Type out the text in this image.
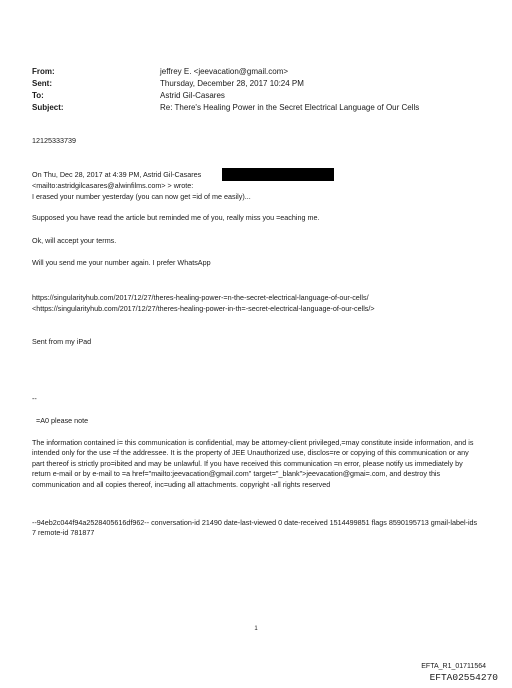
From:	jeffrey E. <jeevacation@gmail.com>
Sent:	Thursday, December 28, 2017 10:24 PM
To:	Astrid Gil-Casares
Subject:	Re: There's Healing Power in the Secret Electrical Language of Our Cells
12125333739
On Thu, Dec 28, 2017 at 4:39 PM, Astrid Gil-Casares
<mailto:astridgilcasares@alwinfilms.com> > wrote:
I erased your number yesterday (you can now get =id of me easily)...
Supposed you have read the article but reminded me of you, really miss you =eaching me.
Ok, will accept your terms.
Will you send me your number again. I prefer WhatsApp
https://singularityhub.com/2017/12/27/theres-healing-power-=n-the-secret-electrical-language-of-our-cells/
<https://singularityhub.com/2017/12/27/theres-healing-power-in-th=-secret-electrical-language-of-our-cells/>
Sent from my iPad
--
=A0 please note
The information contained i= this communication is confidential, may be attorney-client privileged,=may constitute inside information, and is intended only for the use =f the addressee. It is the property of JEE Unauthorized use, disclos=re or copying of this communication or any part thereof is strictly pro=ibited and may be unlawful. If you have received this communication =n error, please notify us immediately by return e-mail or by e-mail to =a href="mailto:jeevacation@gmail.com" target="_blank">jeevacation@gmai=.com, and destroy this communication and all copies thereof, inc=uding all attachments. copyright -all rights reserved
--94eb2c044f94a2528405616df962-- conversation-id 21490 date-last-viewed 0 date-received 1514499851 flags 8590195713 gmail-label-ids 7 remote-id 781877
1
EFTA_R1_01711564
EFTA02554270
